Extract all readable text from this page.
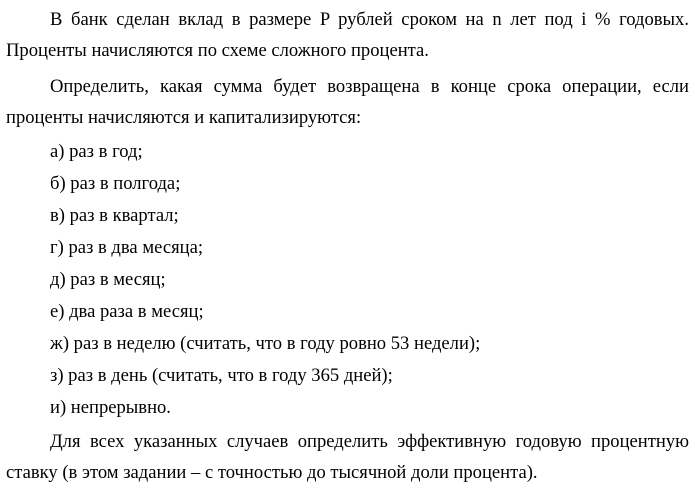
В банк сделан вклад в размере P рублей сроком на n лет под i % годовых.
Проценты начисляются по схеме сложного процента.
Определить, какая сумма будет возвращена в конце срока операции, если
проценты начисляются и капитализируются:
а) раз в год;
б) раз в полгода;
в) раз в квартал;
г) раз в два месяца;
д) раз в месяц;
е) два раза в месяц;
ж) раз в неделю (считать, что в году ровно 53 недели);
з) раз в день (считать, что в году 365 дней);
и) непрерывно.
Для всех указанных случаев определить эффективную годовую процентную
ставку (в этом задании – с точностью до тысячной доли процента).
